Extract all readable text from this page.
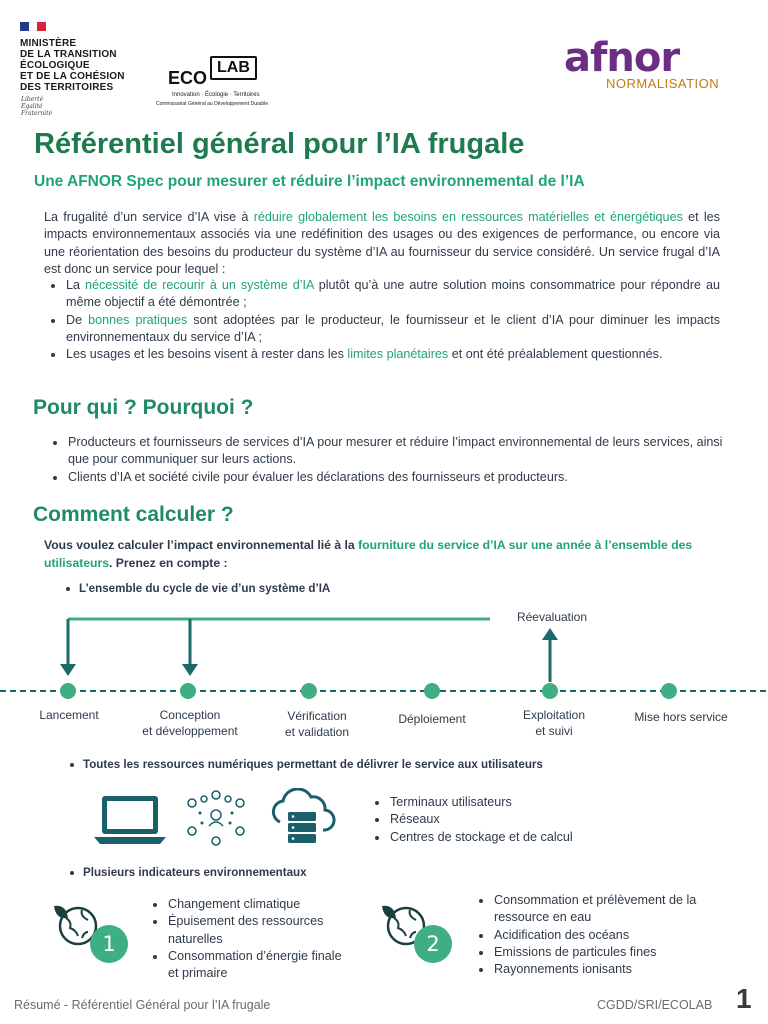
MINISTÈRE
DE LA TRANSITION
ÉCOLOGIQUE
ET DE LA COHÉSION
DES TERRITOIRES
Liberté
Égalité
Fraternité
ECO
LAB
Innovation · Écologie · Territoires
Commissariat Général au Développement Durable
afnor
NORMALISATION
Référentiel général pour l’IA frugale
Une AFNOR Spec pour mesurer et réduire l’impact environnemental de l’IA
La frugalité d’un service d’IA vise à réduire globalement les besoins en ressources matérielles et énergétiques et les impacts environnementaux associés via une redéfinition des usages ou des exigences de performance, ou encore via une réorientation des besoins du producteur du système d’IA au fournisseur du service considéré. Un service frugal d’IA est donc un service pour lequel :
La nécessité de recourir à un système d’IA plutôt qu’à une autre solution moins consommatrice pour répondre au même objectif a été démontrée ;
De bonnes pratiques sont adoptées par le producteur, le fournisseur et le client d’IA pour diminuer les impacts environnementaux du service d’IA ;
Les usages et les besoins visent à rester dans les limites planétaires et ont été préalablement questionnés.
Pour qui ? Pourquoi ?
Producteurs et fournisseurs de services d’IA pour mesurer et réduire l’impact environnemental de leurs services, ainsi que pour communiquer sur leurs actions.
Clients d’IA et société civile pour évaluer les déclarations des fournisseurs et producteurs.
Comment calculer ?
Vous voulez calculer l’impact environnemental lié à la fourniture du service d’IA sur une année à l’ensemble des utilisateurs. Prenez en compte :
L’ensemble du cycle de vie d’un système d’IA
Réevaluation
Lancement	Conception
et développement
Vérification
et validation
Déploiement	Exploitation
et suivi
Mise hors service
Toutes les ressources numériques permettant de délivrer le service aux utilisateurs
Terminaux utilisateurs
Réseaux
Centres de stockage et de calcul
Plusieurs indicateurs environnementaux
1
Changement climatique
Épuisement des ressources naturelles
Consommation d’énergie finale et primaire
2
Consommation et prélèvement de la ressource en eau
Acidification des océans
Emissions de particules fines
Rayonnements ionisants
Résumé - Référentiel Général pour l’IA frugale	CGDD/SRI/ECOLAB 1
